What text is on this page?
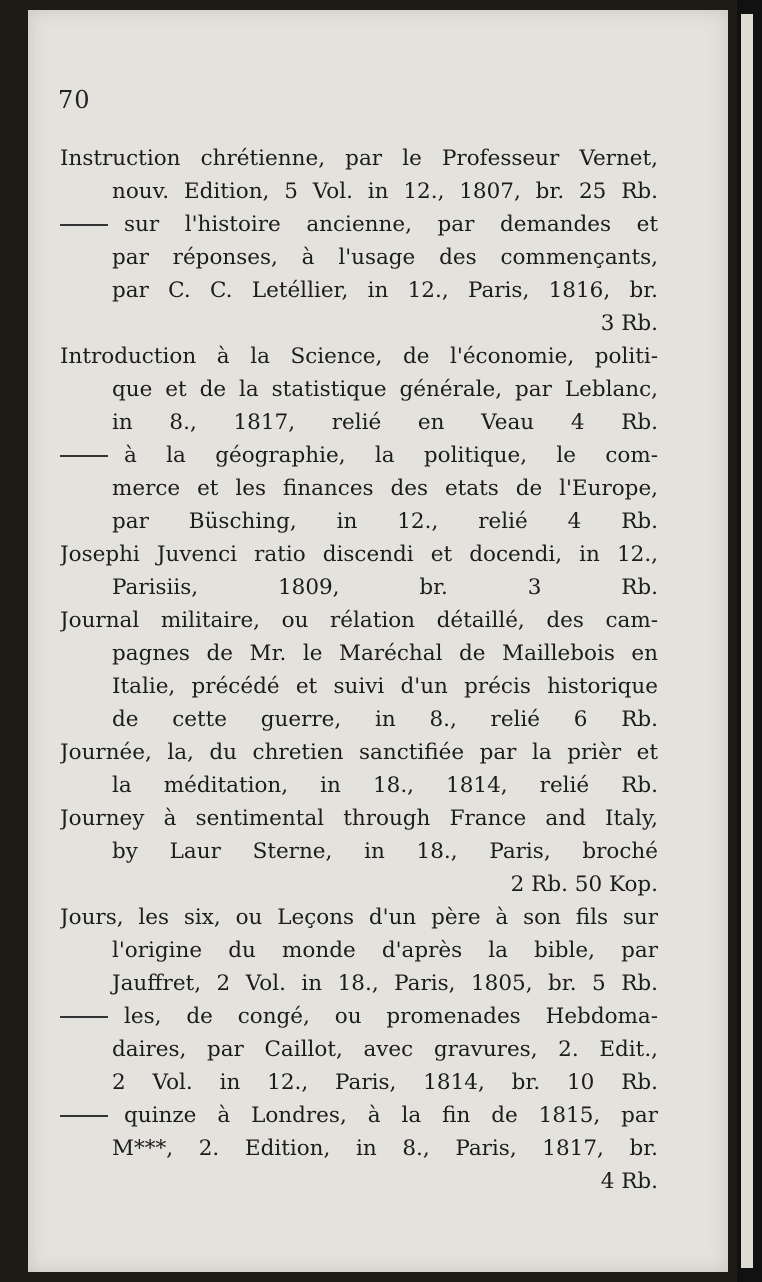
70
Instruction chrétienne, par le Professeur Vernet,
nouv. Edition, 5 Vol. in 12., 1807, br. 25 Rb.
sur l'histoire ancienne, par demandes et
par réponses, à l'usage des commençants,
par C. C. Letéllier, in 12., Paris, 1816, br.
3 Rb.
Introduction à la Science, de l'économie, politi-
que et de la statistique générale, par Leblanc,
in 8., 1817, relié en Veau 4 Rb.
à la géographie, la politique, le com-
merce et les finances des etats de l'Europe,
par Büsching, in 12., relié 4 Rb.
Josephi Juvenci ratio discendi et docendi, in 12.,
Parisiis, 1809, br. 3 Rb.
Journal militaire, ou rélation détaillé, des cam-
pagnes de Mr. le Maréchal de Maillebois en
Italie, précédé et suivi d'un précis historique
de cette guerre, in 8., relié 6 Rb.
Journée, la, du chretien sanctifiée par la prièr et
la méditation, in 18., 1814, relié Rb.
Journey à sentimental through France and Italy,
by Laur Sterne, in 18., Paris, broché
2 Rb. 50 Kop.
Jours, les six, ou Leçons d'un père à son fils sur
l'origine du monde d'après la bible, par
Jauffret, 2 Vol. in 18., Paris, 1805, br. 5 Rb.
les, de congé, ou promenades Hebdoma-
daires, par Caillot, avec gravures, 2. Edit.,
2 Vol. in 12., Paris, 1814, br. 10 Rb.
quinze à Londres, à la fin de 1815, par
M***, 2. Edition, in 8., Paris, 1817, br.
4 Rb.
